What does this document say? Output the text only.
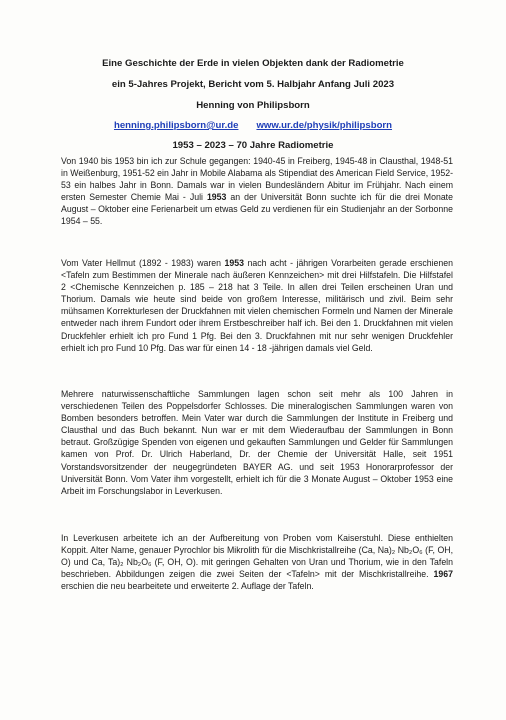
Eine Geschichte der Erde in vielen Objekten dank der Radiometrie
ein 5-Jahres Projekt, Bericht vom 5. Halbjahr Anfang Juli 2023
Henning von Philipsborn
henning.philipsborn@ur.de www.ur.de/physik/philipsborn
1953 – 2023 – 70 Jahre Radiometrie
Von 1940 bis 1953 bin ich zur Schule gegangen: 1940-45 in Freiberg, 1945-48 in Clausthal, 1948-51 in Weißenburg, 1951-52 ein Jahr in Mobile Alabama als Stipendiat des American Field Service, 1952-53 ein halbes Jahr in Bonn. Damals war in vielen Bundesländern Abitur im Frühjahr. Nach einem ersten Semester Chemie Mai - Juli 1953 an der Universität Bonn suchte ich für die drei Monate August – Oktober eine Ferienarbeit um etwas Geld zu verdienen für ein Studienjahr an der Sorbonne 1954 – 55.
Vom Vater Hellmut (1892 - 1983) waren 1953 nach acht - jährigen Vorarbeiten gerade erschienen <Tafeln zum Bestimmen der Minerale nach äußeren Kennzeichen> mit drei Hilfstafeln. Die Hilfstafel 2 <Chemische Kennzeichen p. 185 – 218 hat 3 Teile. In allen drei Teilen erscheinen Uran und Thorium. Damals wie heute sind beide von großem Interesse, militärisch und zivil. Beim sehr mühsamen Korrekturlesen der Druckfahnen mit vielen chemischen Formeln und Namen der Minerale entweder nach ihrem Fundort oder ihrem Erstbeschreiber half ich. Bei den 1. Druckfahnen mit vielen Druckfehler erhielt ich pro Fund 1 Pfg. Bei den 3. Druckfahnen mit nur sehr wenigen Druckfehler erhielt ich pro Fund 10 Pfg. Das war für einen 14 - 18 -jährigen damals viel Geld.
Mehrere naturwissenschaftliche Sammlungen lagen schon seit mehr als 100 Jahren in verschiedenen Teilen des Poppelsdorfer Schlosses. Die mineralogischen Sammlungen waren von Bomben besonders betroffen. Mein Vater war durch die Sammlungen der Institute in Freiberg und Clausthal und das Buch bekannt. Nun war er mit dem Wiederaufbau der Sammlungen in Bonn betraut. Großzügige Spenden von eigenen und gekauften Sammlungen und Gelder für Sammlungen kamen von Prof. Dr. Ulrich Haberland, Dr. der Chemie der Universität Halle, seit 1951 Vorstandsvorsitzender der neugegründeten BAYER AG. und seit 1953 Honorarprofessor der Universität Bonn. Vom Vater ihm vorgestellt, erhielt ich für die 3 Monate August – Oktober 1953 eine Arbeit im Forschungslabor in Leverkusen.
In Leverkusen arbeitete ich an der Aufbereitung von Proben vom Kaiserstuhl. Diese enthielten Koppit. Alter Name, genauer Pyrochlor bis Mikrolith für die Mischkristallreihe (Ca, Na)₂ Nb₂O₆ (F, OH, O) und Ca, Ta)₂ Nb₂O₆ (F, OH, O). mit geringen Gehalten von Uran und Thorium, wie in den Tafeln beschrieben. Abbildungen zeigen die zwei Seiten der <Tafeln> mit der Mischkristallreihe. 1967 erschien die neu bearbeitete und erweiterte 2. Auflage der Tafeln.
